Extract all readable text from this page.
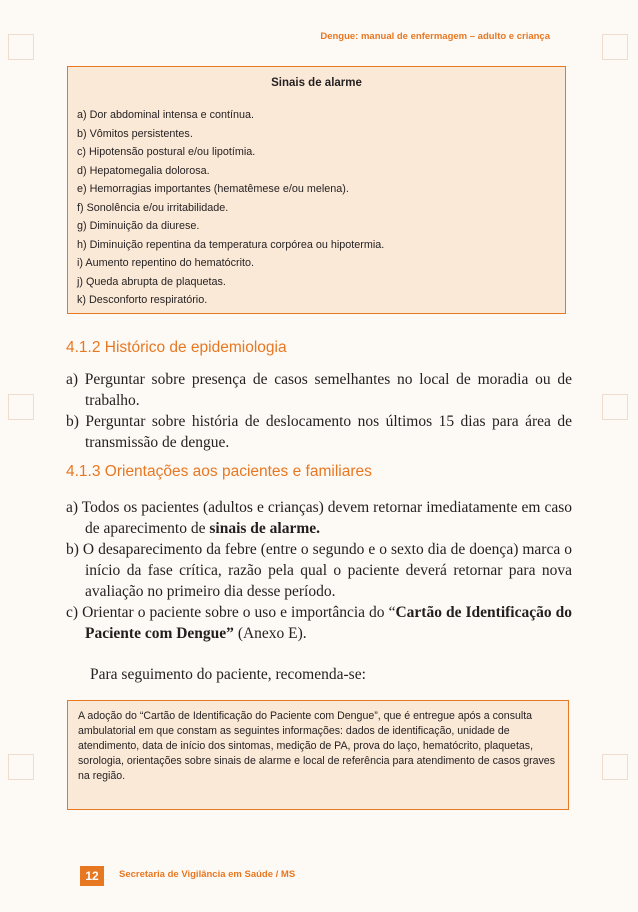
Dengue: manual de enfermagem – adulto e criança
Sinais de alarme
a) Dor abdominal intensa e contínua.
b) Vômitos persistentes.
c) Hipotensão postural e/ou lipotímia.
d) Hepatomegalia dolorosa.
e) Hemorragias importantes (hematêmese e/ou melena).
f) Sonolência e/ou irritabilidade.
g) Diminuição da diurese.
h) Diminuição repentina da temperatura corpórea ou hipotermia.
i) Aumento repentino do hematócrito.
j) Queda abrupta de plaquetas.
k) Desconforto respiratório.
4.1.2 Histórico de epidemiologia
a) Perguntar sobre presença de casos semelhantes no local de moradia ou de trabalho.
b) Perguntar sobre história de deslocamento nos últimos 15 dias para área de transmissão de dengue.
4.1.3 Orientações aos pacientes e familiares
a) Todos os pacientes (adultos e crianças) devem retornar imediatamente em caso de aparecimento de sinais de alarme.
b) O desaparecimento da febre (entre o segundo e o sexto dia de doença) marca o início da fase crítica, razão pela qual o paciente deverá retornar para nova avaliação no primeiro dia desse período.
c) Orientar o paciente sobre o uso e importância do “Cartão de Identificação do Paciente com Dengue” (Anexo E).
Para seguimento do paciente, recomenda-se:
A adoção do “Cartão de Identificação do Paciente com Dengue”, que é entregue após a consulta ambulatorial em que constam as seguintes informações: dados de identificação, unidade de atendimento, data de início dos sintomas, medição de PA, prova do laço, hematócrito, plaquetas, sorologia, orientações sobre sinais de alarme e local de referência para atendimento de casos graves na região.
12	Secretaria de Vigilância em Saúde / MS
